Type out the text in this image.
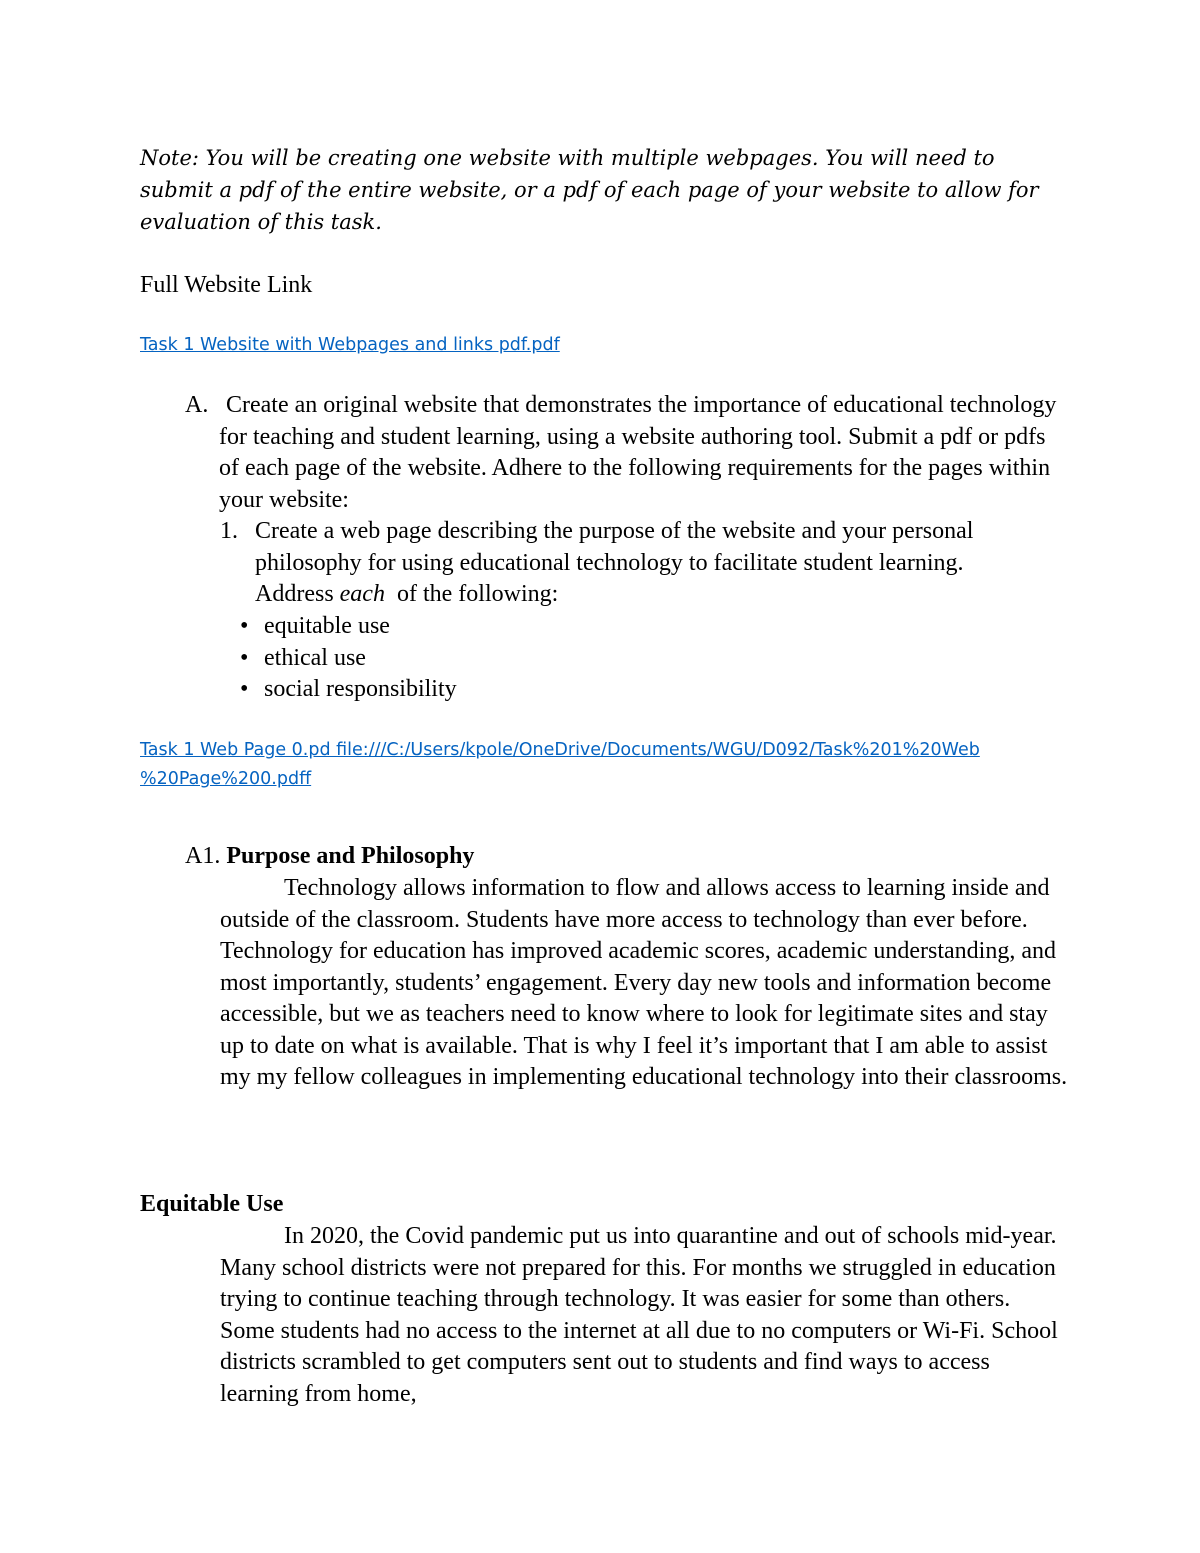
Note: You will be creating one website with multiple webpages. You will need to submit a pdf of the entire website, or a pdf of each page of your website to allow for evaluation of this task.

Full Website Link

Task 1 Website with Webpages and links pdf.pdf
A. Create an original website that demonstrates the importance of educational technology for teaching and student learning, using a website authoring tool. Submit a pdf or pdfs of each page of the website. Adhere to the following requirements for the pages within your website:

1. Create a web page describing the purpose of the website and your personal philosophy for using educational technology to facilitate student learning. Address each of the following:

• equitable use
• ethical use
• social responsibility
Task 1 Web Page 0.pd file:///C:/Users/kpole/OneDrive/Documents/WGU/D092/Task%201%20Web
%20Page%200.pdff

A1. Purpose and Philosophy

Technology allows information to flow and allows access to learning inside and outside of the classroom. Students have more access to technology than ever before. Technology for education has improved academic scores, academic understanding, and most importantly, students’ engagement. Every day new tools and information become accessible, but we as teachers need to know where to look for legitimate sites and stay up to date on what is available. That is why I feel it’s important that I am able to assist my my fellow colleagues in implementing educational technology into their classrooms.

Equitable Use

In 2020, the Covid pandemic put us into quarantine and out of schools mid-year. Many school districts were not prepared for this. For months we struggled in education trying to continue teaching through technology. It was easier for some than others. Some students had no access to the internet at all due to no computers or Wi-Fi. School districts scrambled to get computers sent out to students and find ways to access learning from home,
